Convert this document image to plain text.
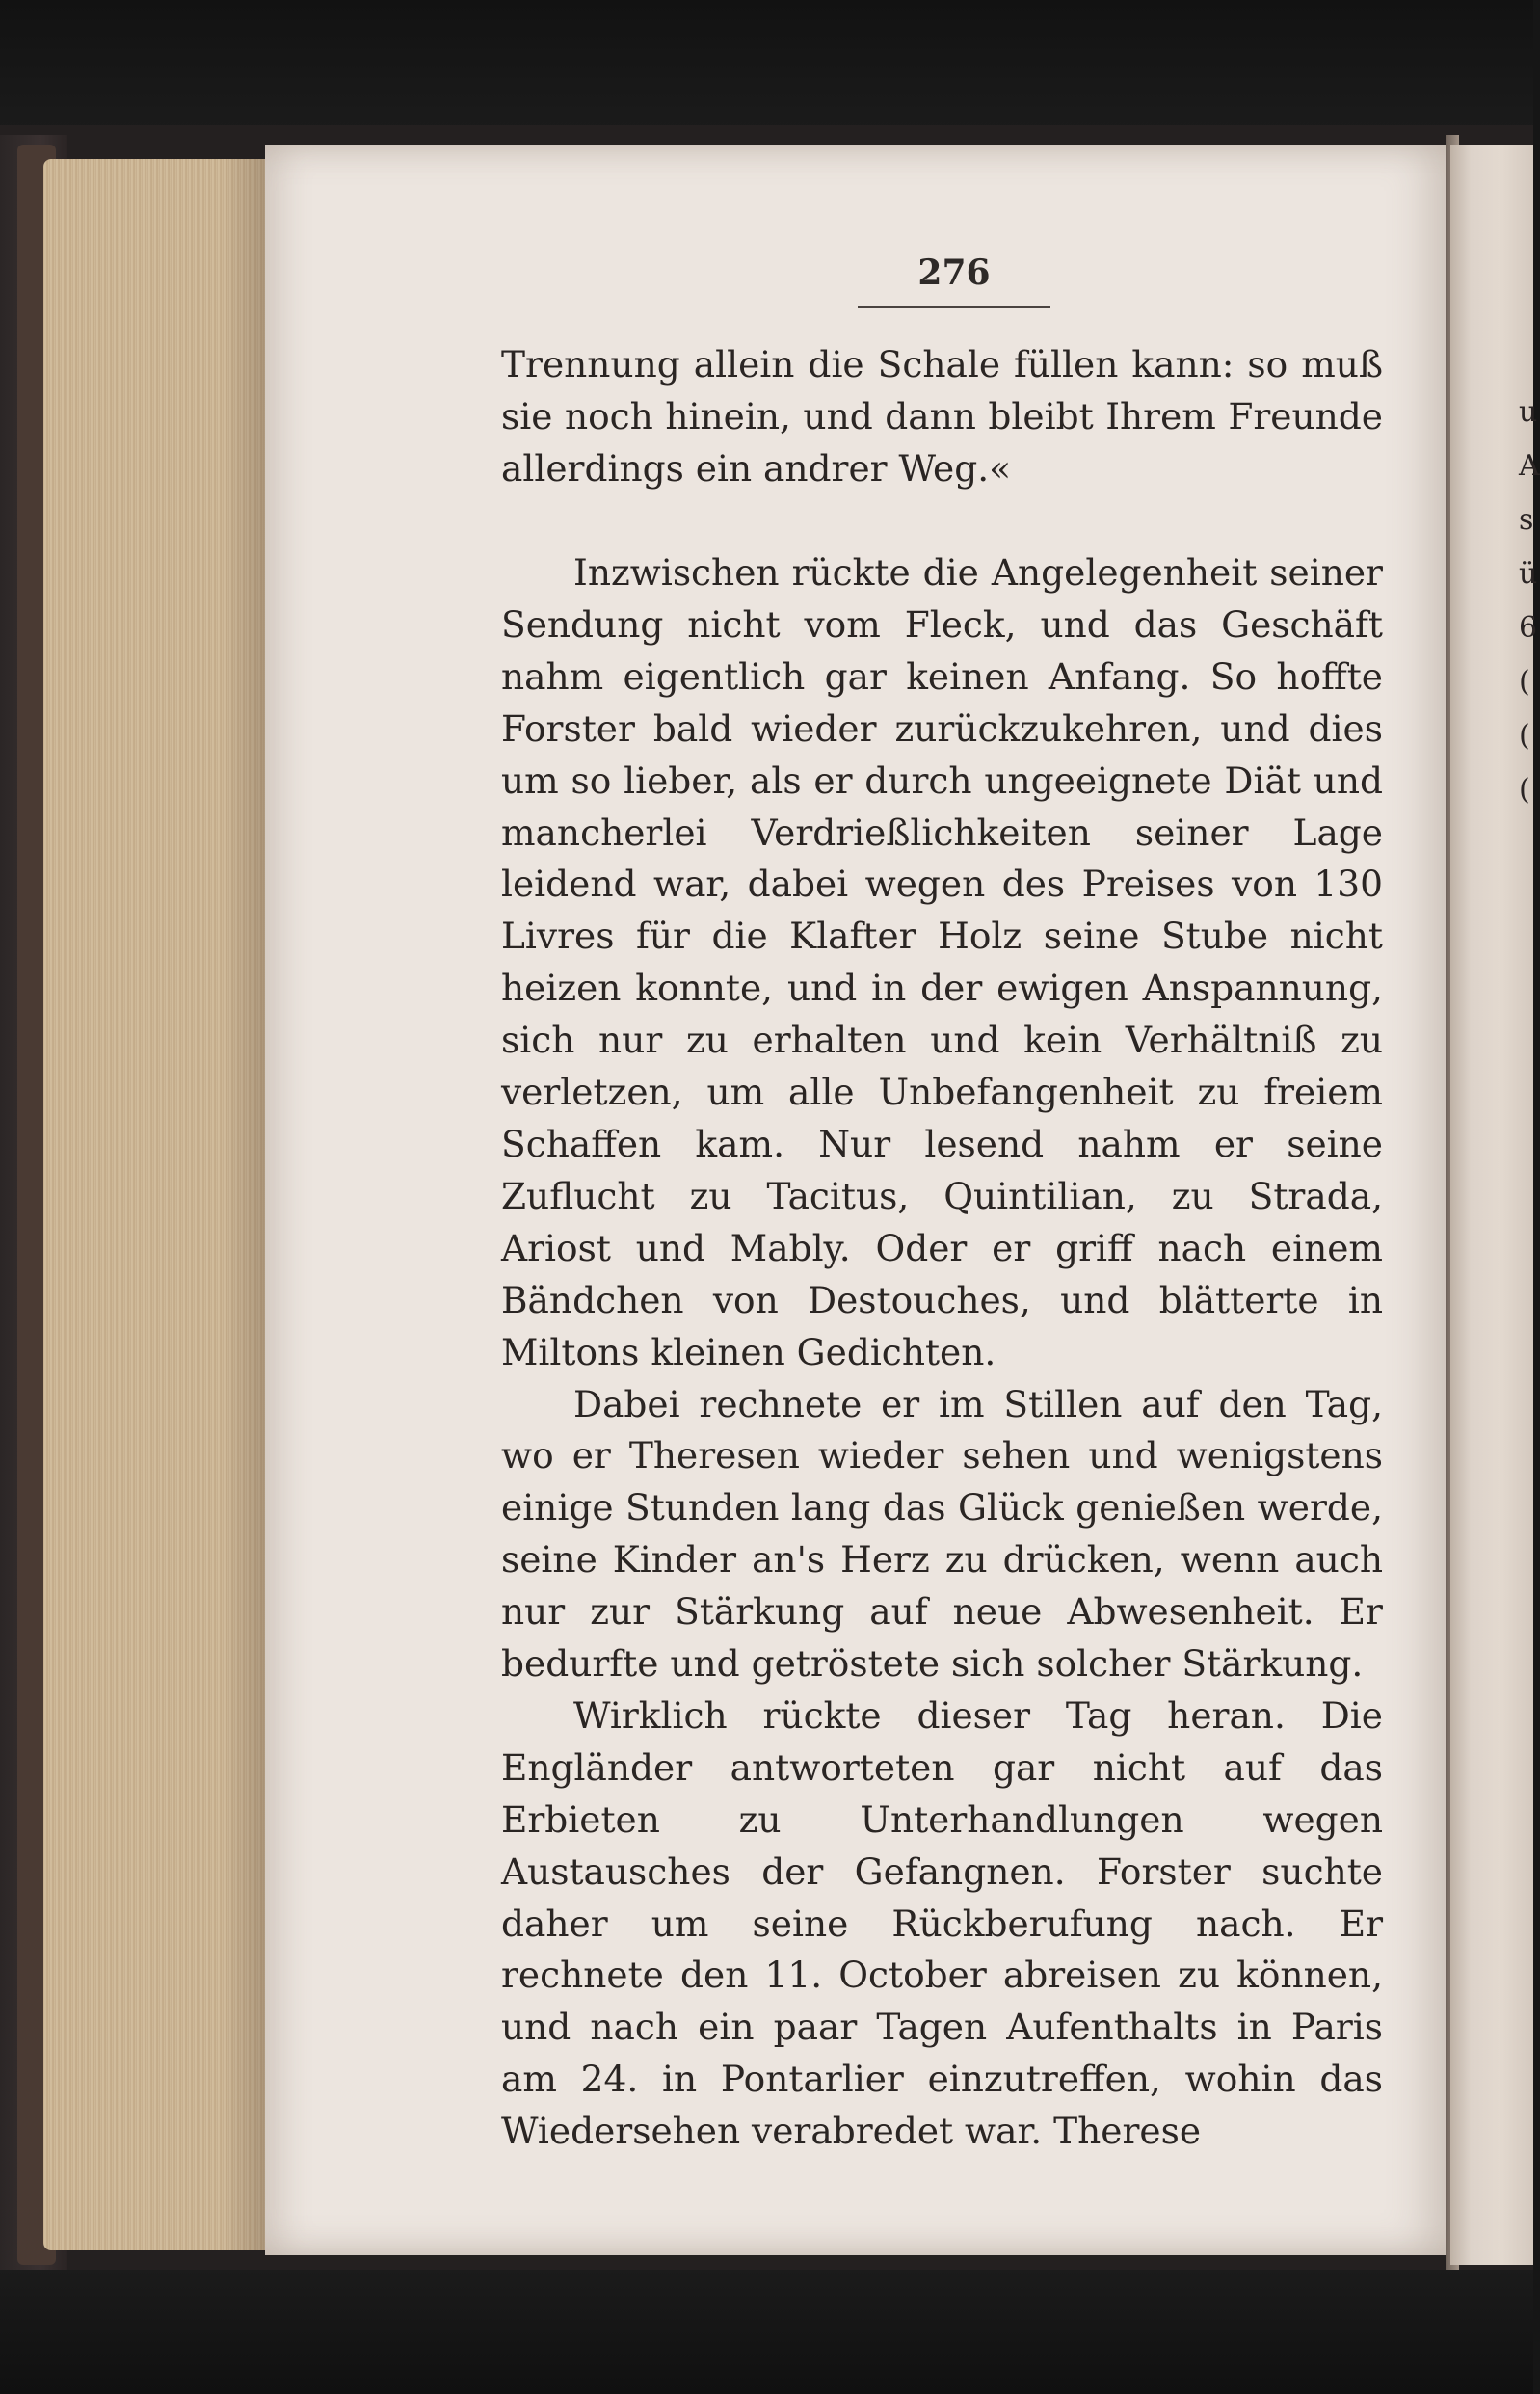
u
A
s
ü
6
(
(
(
276

Trennung allein die Schale füllen kann: so muß sie noch hinein, und dann bleibt Ihrem Freunde allerdings ein andrer Weg.«

Inzwischen rückte die Angelegenheit seiner Sendung nicht vom Fleck, und das Geschäft nahm eigentlich gar keinen Anfang. So hoffte Forster bald wieder zurückzukehren, und dies um so lieber, als er durch ungeeignete Diät und mancherlei Verdrießlichkeiten seiner Lage leidend war, dabei wegen des Preises von 130 Livres für die Klafter Holz seine Stube nicht heizen konnte, und in der ewigen Anspannung, sich nur zu erhalten und kein Verhältniß zu verletzen, um alle Unbefangenheit zu freiem Schaffen kam. Nur lesend nahm er seine Zuflucht zu Tacitus, Quintilian, zu Strada, Ariost und Mably. Oder er griff nach einem Bändchen von Destouches, und blätterte in Miltons kleinen Gedichten.

Dabei rechnete er im Stillen auf den Tag, wo er Theresen wieder sehen und wenigstens einige Stunden lang das Glück genießen werde, seine Kinder an's Herz zu drücken, wenn auch nur zur Stärkung auf neue Abwesenheit. Er bedurfte und getröstete sich solcher Stärkung.

Wirklich rückte dieser Tag heran. Die Engländer antworteten gar nicht auf das Erbieten zu Unterhandlungen wegen Austausches der Gefangnen. Forster suchte daher um seine Rückberufung nach. Er rechnete den 11. October abreisen zu können, und nach ein paar Tagen Aufenthalts in Paris am 24. in Pontarlier einzutreffen, wohin das Wiedersehen verabredet war. Therese
